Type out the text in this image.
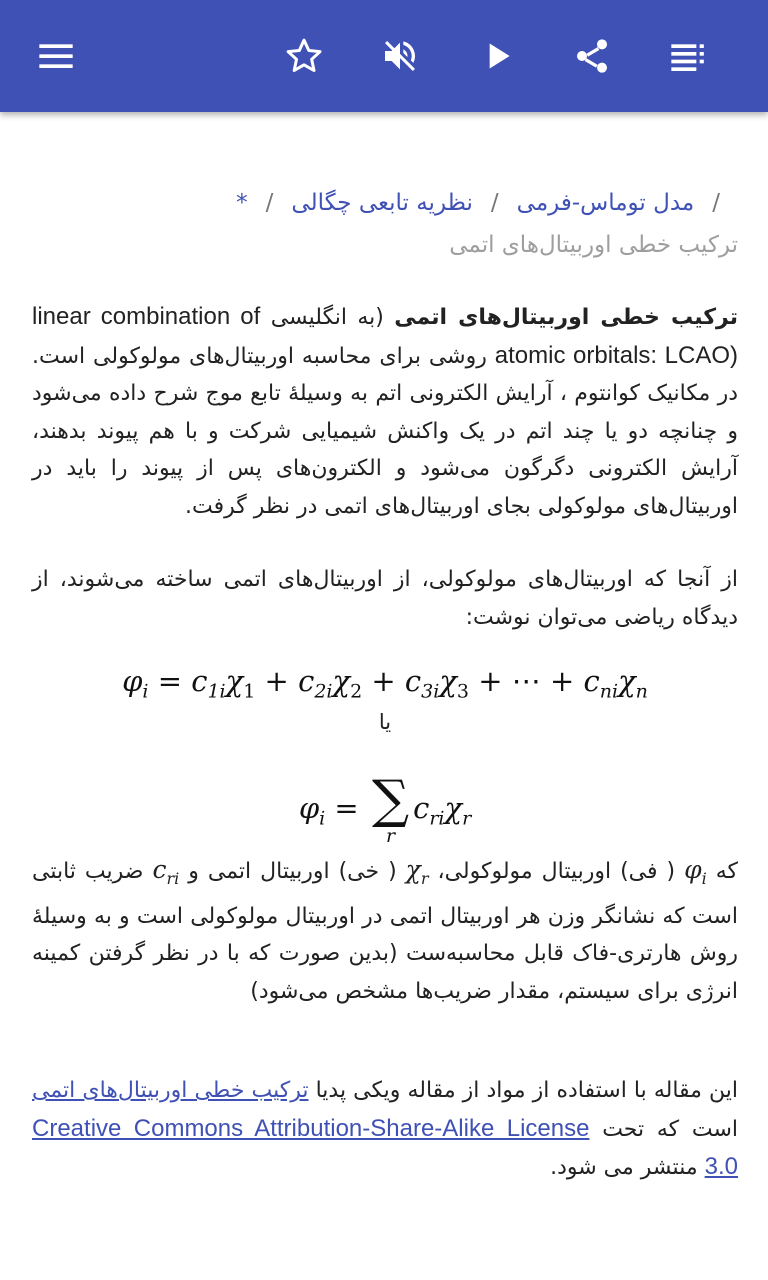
/مدل توماس-فرمی/نظریه تابعی چگالی/*
ترکیب خطی اوربیتال‌های اتمی

ترکیب خطی اوربیتال‌های اتمی (به انگلیسی linear combination of atomic orbitals: LCAO) روشی برای محاسبه اوربیتال‌های مولوکولی است. در مکانیک کوانتوم ، آرایش الکترونی اتم به وسیلهٔ تابع موج شرح داده می‌شود و چنانچه دو یا چند اتم در یک واکنش شیمیایی شرکت و با هم پیوند بدهند، آرایش الکترونی دگرگون می‌شود و الکترون‌های پس از پیوند را باید در اوربیتال‌های مولوکولی بجای اوربیتال‌های اتمی در نظر گرفت.

از آنجا که اوربیتال‌های مولوکولی، از اوربیتال‌های اتمی ساخته می‌شوند، از دیدگاه ریاضی می‌توان نوشت:

$\varphi_i = c_{1i}\chi_1 + c_{2i}\chi_2 + c_{3i}\chi_3$ + ⋯ + $c_{ni}\chi_n$
یا
$\varphi_i$ = ∑
r
$c_{ri}\chi_r$

که $\varphi_i$ ( فی) اوربیتال مولوکولی، $\chi_r$ ( خی) اوربیتال اتمی و $c_{ri}$ ضریب ثابتی است که نشانگر وزن هر اوربیتال اتمی در اوربیتال مولوکولی است و به وسیلهٔ روش هارتری-فاک قابل محاسبه‌ست (بدین صورت که با در نظر گرفتن کمینه انرژی برای سیستم، مقدار ضریب‌ها مشخص می‌شود)

این مقاله با استفاده از مواد از مقاله ویکی پدیا ترکیب خطی اوربیتال‌های اتمی است که تحت Creative Commons Attribution-Share-Alike License 3.0 منتشر می شود.
